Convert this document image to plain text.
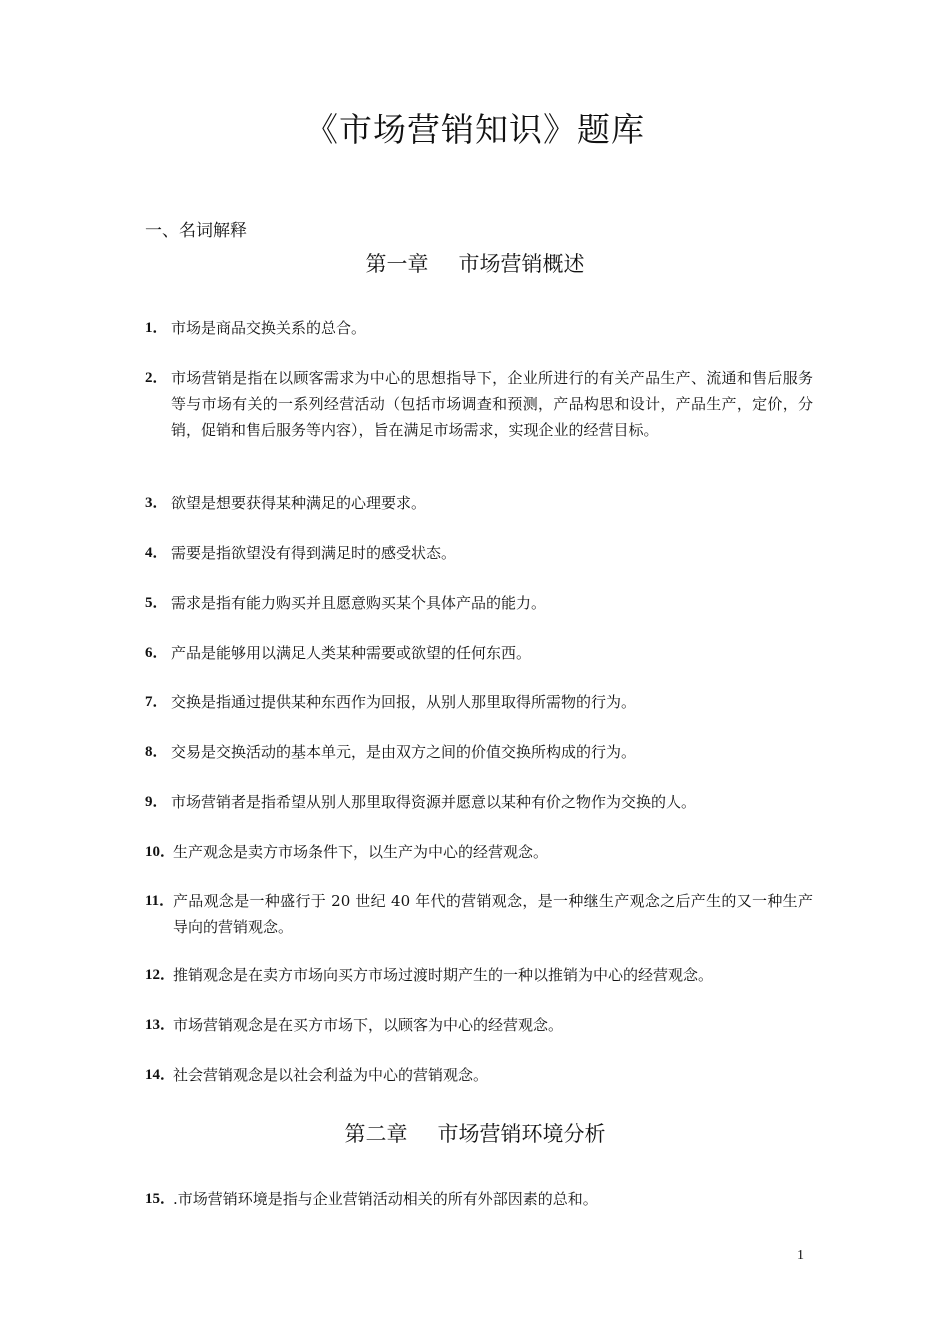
《市场营销知识》题库
一、名词解释
第一章 市场营销概述
1． 市场是商品交换关系的总合。
2． 市场营销是指在以顾客需求为中心的思想指导下，企业所进行的有关产品生产、流通和售后服务等与市场有关的一系列经营活动（包括市场调查和预测，产品构思和设计，产品生产，定价，分销，促销和售后服务等内容），旨在满足市场需求，实现企业的经营目标。
3． 欲望是想要获得某种满足的心理要求。
4． 需要是指欲望没有得到满足时的感受状态。
5． 需求是指有能力购买并且愿意购买某个具体产品的能力。
6． 产品是能够用以满足人类某种需要或欲望的任何东西。
7． 交换是指通过提供某种东西作为回报，从别人那里取得所需物的行为。
8． 交易是交换活动的基本单元，是由双方之间的价值交换所构成的行为。
9． 市场营销者是指希望从别人那里取得资源并愿意以某种有价之物作为交换的人。
10．
生产观念是卖方市场条件下，以生产为中心的经营观念。
11．
产品观念是一种盛行于 20 世纪 40 年代的营销观念，是一种继生产观念之后产生的又一种生产导向的营销观念。
12．
推销观念是在卖方市场向买方市场过渡时期产生的一种以推销为中心的经营观念。
13．
市场营销观念是在买方市场下，以顾客为中心的经营观念。
14．
社会营销观念是以社会利益为中心的营销观念。
第二章 市场营销环境分析
15．
.市场营销环境是指与企业营销活动相关的所有外部因素的总和。
1
